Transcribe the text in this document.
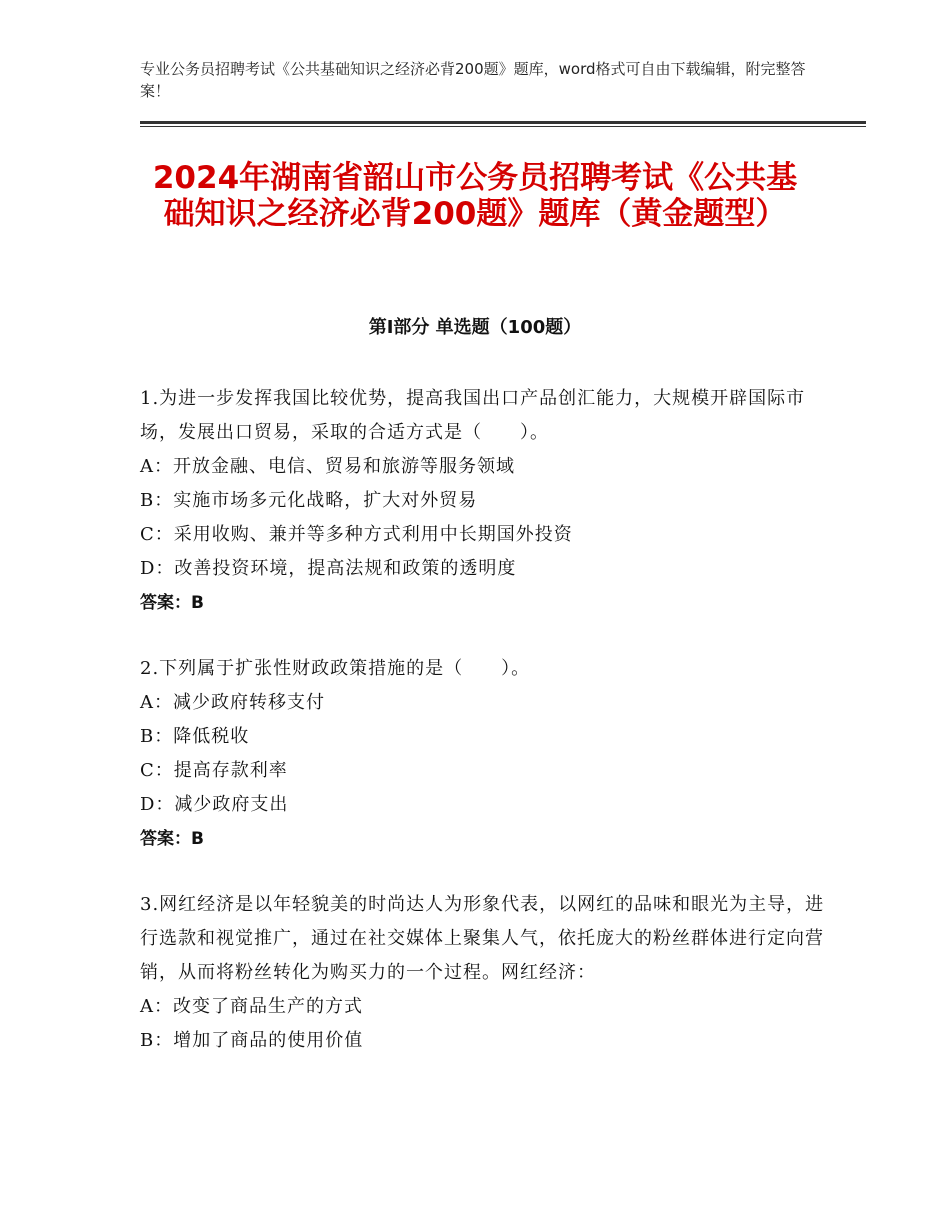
专业公务员招聘考试《公共基础知识之经济必背200题》题库，word格式可自由下载编辑，附完整答案！
2024年湖南省韶山市公务员招聘考试《公共基础知识之经济必背200题》题库（黄金题型）
第I部分 单选题（100题）
1.为进一步发挥我国比较优势，提高我国出口产品创汇能力，大规模开辟国际市场，发展出口贸易，采取的合适方式是（　　）。
A：开放金融、电信、贸易和旅游等服务领域
B：实施市场多元化战略，扩大对外贸易
C：采用收购、兼并等多种方式利用中长期国外投资
D：改善投资环境，提高法规和政策的透明度
答案：B
2.下列属于扩张性财政政策措施的是（　　）。
A：减少政府转移支付
B：降低税收
C：提高存款利率
D：减少政府支出
答案：B
3.网红经济是以年轻貌美的时尚达人为形象代表，以网红的品味和眼光为主导，进行选款和视觉推广，通过在社交媒体上聚集人气，依托庞大的粉丝群体进行定向营销，从而将粉丝转化为购买力的一个过程。网红经济：
A：改变了商品生产的方式
B：增加了商品的使用价值
